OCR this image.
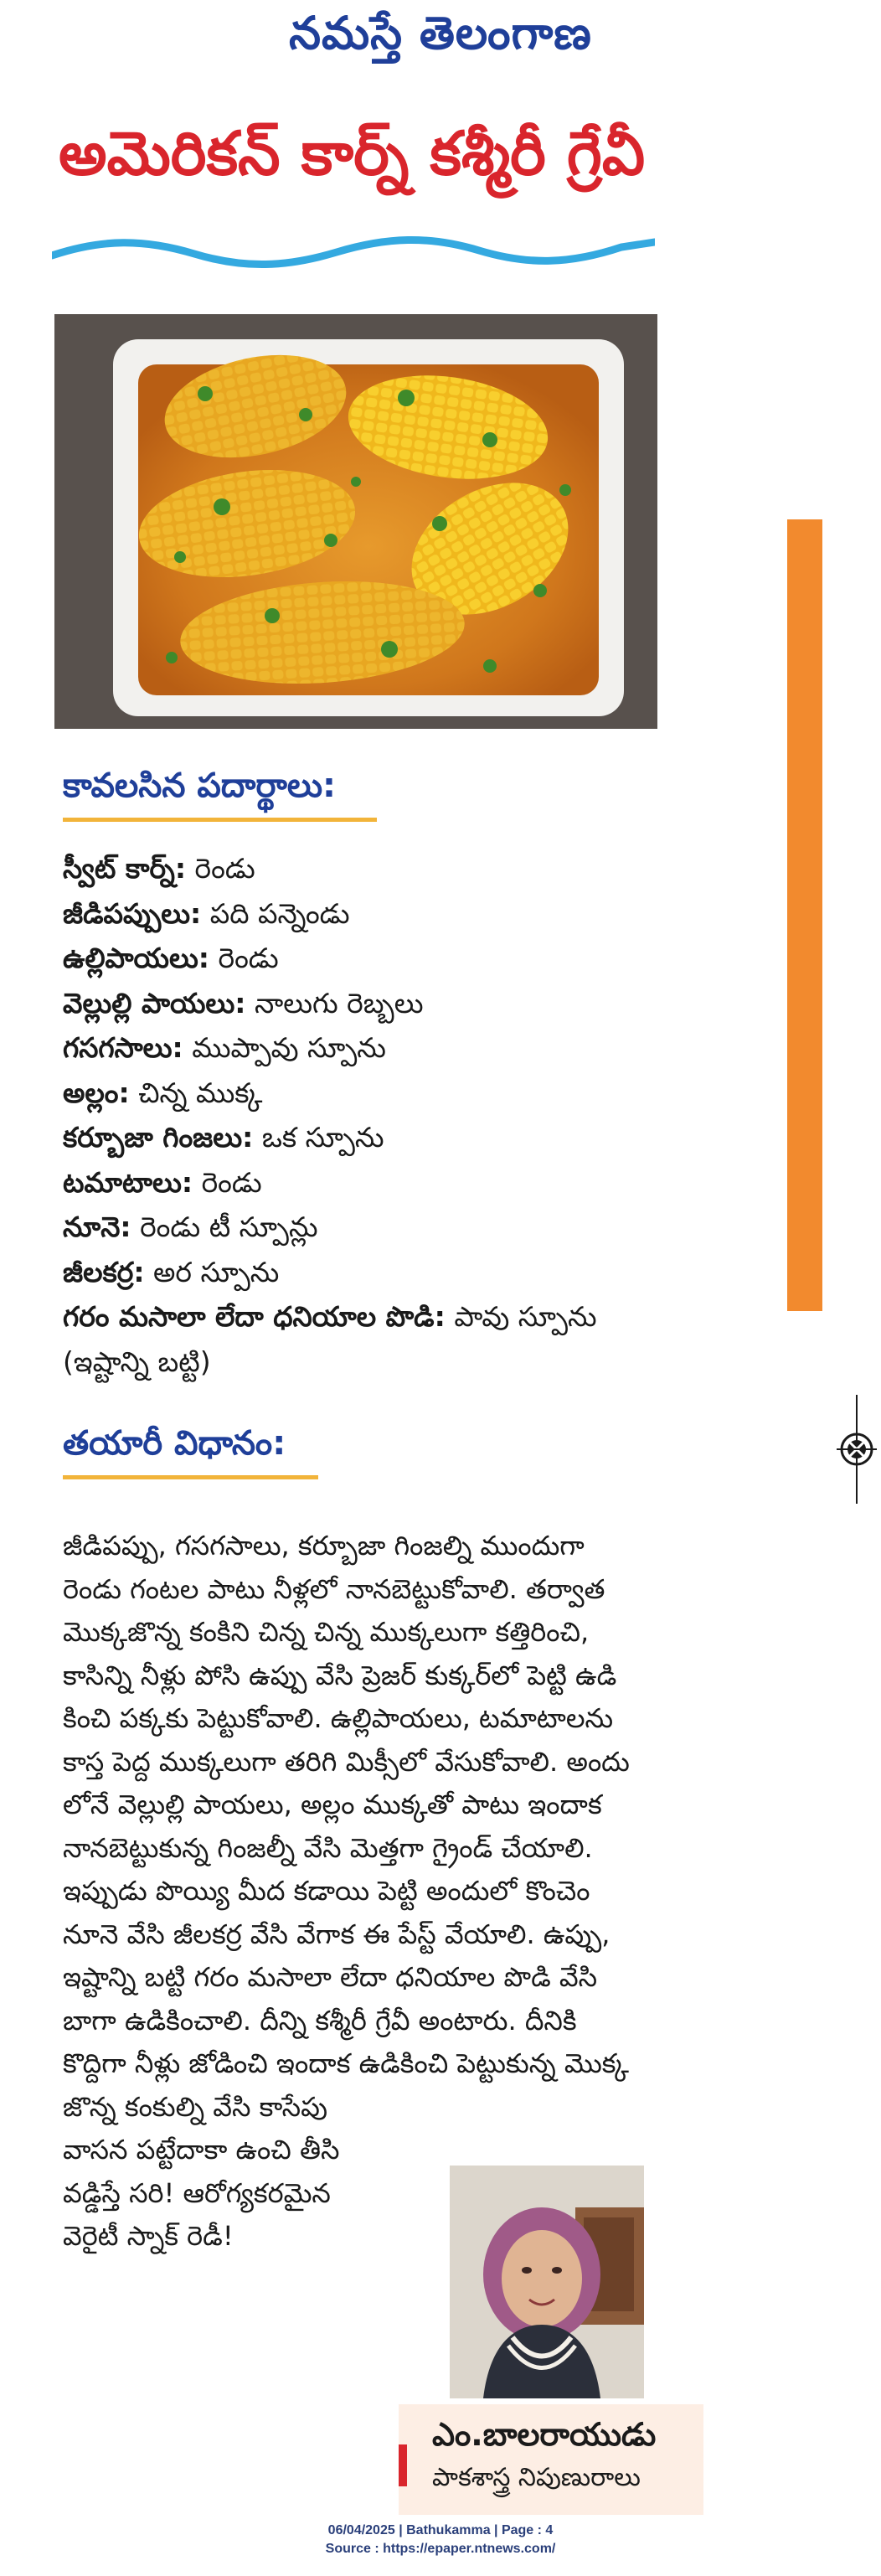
నమస్తే తెలంగాణ
అమెరికన్ కార్న్ కశ్మీరీ గ్రేవీ
కావలసిన పదార్థాలు:
స్వీట్ కార్న్: రెండు
జీడిపప్పులు: పది పన్నెండు
ఉల్లిపాయలు: రెండు
వెల్లుల్లి పాయలు: నాలుగు రెబ్బలు
గసగసాలు: ముప్పావు స్పూను
అల్లం: చిన్న ముక్క
కర్బూజా గింజలు: ఒక స్పూను
టమాటాలు: రెండు
నూనె: రెండు టీ స్పూన్లు
జీలకర్ర: అర స్పూను
గరం మసాలా లేదా ధనియాల పొడి: పావు స్పూను
(ఇష్టాన్ని బట్టి)
తయారీ విధానం:

జీడిపప్పు, గసగసాలు, కర్బూజా గింజల్ని ముందుగా
రెండు గంటల పాటు నీళ్లలో నానబెట్టుకోవాలి. తర్వాత
మొక్కజొన్న కంకిని చిన్న చిన్న ముక్కలుగా కత్తిరించి,
కాసిన్ని నీళ్లు పోసి ఉప్పు వేసి ప్రెజర్ కుక్కర్‌లో పెట్టి ఉడి
కించి పక్కకు పెట్టుకోవాలి. ఉల్లిపాయలు, టమాటాలను
కాస్త పెద్ద ముక్కలుగా తరిగి మిక్సీలో వేసుకోవాలి. అందు
లోనే వెల్లుల్లి పాయలు, అల్లం ముక్కతో పాటు ఇందాక
నానబెట్టుకున్న గింజల్నీ వేసి మెత్తగా గ్రైండ్ చేయాలి.
ఇప్పుడు పొయ్యి మీద కడాయి పెట్టి అందులో కొంచెం
నూనె వేసి జీలకర్ర వేసి వేగాక ఈ పేస్ట్ వేయాలి. ఉప్పు,
ఇష్టాన్ని బట్టి గరం మసాలా లేదా ధనియాల పొడి వేసి
బాగా ఉడికించాలి. దీన్ని కశ్మీరీ గ్రేవీ అంటారు. దీనికి
కొద్దిగా నీళ్లు జోడించి ఇందాక ఉడికించి పెట్టుకున్న మొక్క

జొన్న కంకుల్ని వేసి కాసేపు
వాసన పట్టేదాకా ఉంచి తీసి
వడ్డిస్తే సరి! ఆరోగ్యకరమైన
వెరైటీ స్నాక్ రెడీ!

ఎం.బాలరాయుడు
పాకశాస్త్ర నిపుణురాలు
06/04/2025 | Bathukamma | Page : 4
Source : https://epaper.ntnews.com/
